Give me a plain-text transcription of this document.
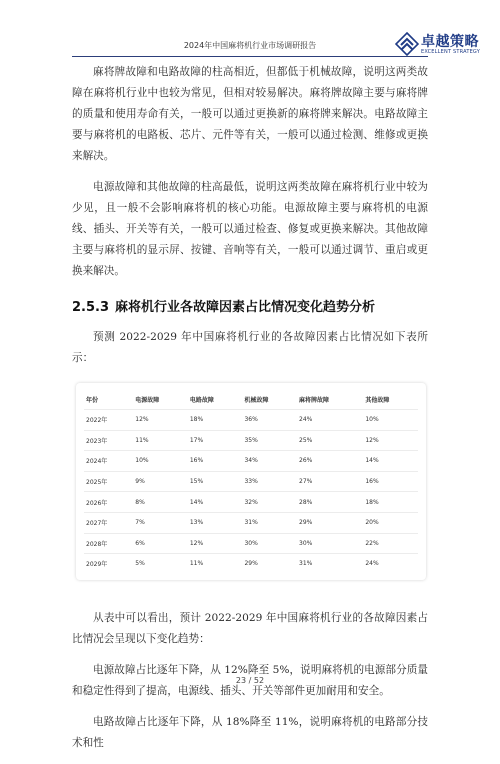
2024年中国麻将机行业市场调研报告	卓越策略
EXCELLENT STRATEGY

麻将牌故障和电路故障的柱高相近，但都低于机械故障，说明这两类故障在麻将机行业中也较为常见，但相对较易解决。麻将牌故障主要与麻将牌的质量和使用寿命有关，一般可以通过更换新的麻将牌来解决。电路故障主要与麻将机的电路板、芯片、元件等有关，一般可以通过检测、维修或更换来解决。

电源故障和其他故障的柱高最低，说明这两类故障在麻将机行业中较为少见，且一般不会影响麻将机的核心功能。电源故障主要与麻将机的电源线、插头、开关等有关，一般可以通过检查、修复或更换来解决。其他故障主要与麻将机的显示屏、按键、音响等有关，一般可以通过调节、重启或更换来解决。

2.5.3 麻将机行业各故障因素占比情况变化趋势分析

预测 2022-2029 年中国麻将机行业的各故障因素占比情况如下表所示：

年份	电源故障	电路故障	机械故障	麻将牌故障	其他故障
2022年	12%	18%	36%	24%	10%
2023年	11%	17%	35%	25%	12%
2024年	10%	16%	34%	26%	14%
2025年	9%	15%	33%	27%	16%
2026年	8%	14%	32%	28%	18%
2027年	7%	13%	31%	29%	20%
2028年	6%	12%	30%	30%	22%
2029年	5%	11%	29%	31%	24%

从表中可以看出，预计 2022-2029 年中国麻将机行业的各故障因素占比情况会呈现以下变化趋势：

电源故障占比逐年下降，从 12%降至 5%，说明麻将机的电源部分质量和稳定性得到了提高，电源线、插头、开关等部件更加耐用和安全。

电路故障占比逐年下降，从 18%降至 11%，说明麻将机的电路部分技术和性

23 / 52
